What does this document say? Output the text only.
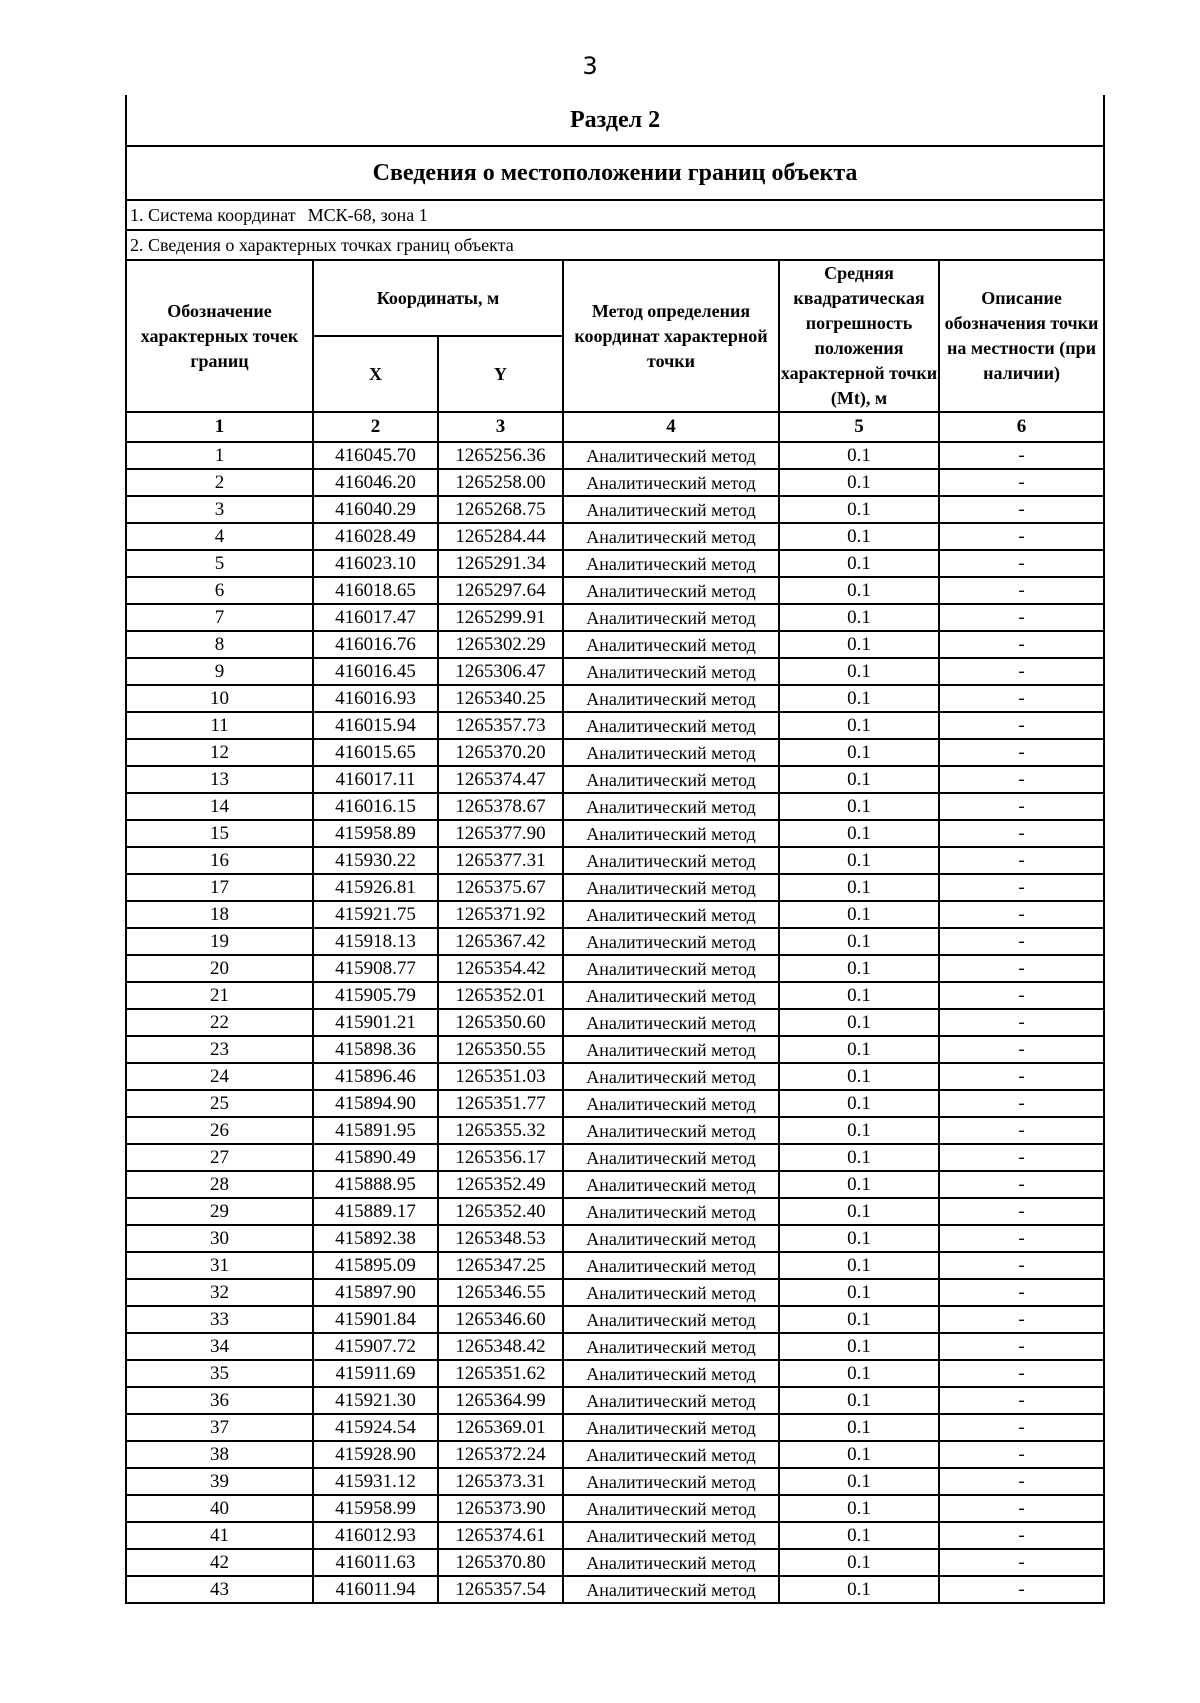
3
Раздел 2					
Сведения о местоположении границ объекта					
1. Система координат МСК-68, зона 1					
2. Сведения о характерных точках границ объекта					
Обозначение характерных точек границ	Координаты, м		Метод определения координат характерной точки	Средняя квадратическая погрешность положения характерной точки (Mt), м	Описание обозначения точки на местности (при наличии)
	X	Y			
1	2	3	4	5	6
1	416045.70	1265256.36	Аналитический метод	0.1	-
2	416046.20	1265258.00	Аналитический метод	0.1	-
3	416040.29	1265268.75	Аналитический метод	0.1	-
4	416028.49	1265284.44	Аналитический метод	0.1	-
5	416023.10	1265291.34	Аналитический метод	0.1	-
6	416018.65	1265297.64	Аналитический метод	0.1	-
7	416017.47	1265299.91	Аналитический метод	0.1	-
8	416016.76	1265302.29	Аналитический метод	0.1	-
9	416016.45	1265306.47	Аналитический метод	0.1	-
10	416016.93	1265340.25	Аналитический метод	0.1	-
11	416015.94	1265357.73	Аналитический метод	0.1	-
12	416015.65	1265370.20	Аналитический метод	0.1	-
13	416017.11	1265374.47	Аналитический метод	0.1	-
14	416016.15	1265378.67	Аналитический метод	0.1	-
15	415958.89	1265377.90	Аналитический метод	0.1	-
16	415930.22	1265377.31	Аналитический метод	0.1	-
17	415926.81	1265375.67	Аналитический метод	0.1	-
18	415921.75	1265371.92	Аналитический метод	0.1	-
19	415918.13	1265367.42	Аналитический метод	0.1	-
20	415908.77	1265354.42	Аналитический метод	0.1	-
21	415905.79	1265352.01	Аналитический метод	0.1	-
22	415901.21	1265350.60	Аналитический метод	0.1	-
23	415898.36	1265350.55	Аналитический метод	0.1	-
24	415896.46	1265351.03	Аналитический метод	0.1	-
25	415894.90	1265351.77	Аналитический метод	0.1	-
26	415891.95	1265355.32	Аналитический метод	0.1	-
27	415890.49	1265356.17	Аналитический метод	0.1	-
28	415888.95	1265352.49	Аналитический метод	0.1	-
29	415889.17	1265352.40	Аналитический метод	0.1	-
30	415892.38	1265348.53	Аналитический метод	0.1	-
31	415895.09	1265347.25	Аналитический метод	0.1	-
32	415897.90	1265346.55	Аналитический метод	0.1	-
33	415901.84	1265346.60	Аналитический метод	0.1	-
34	415907.72	1265348.42	Аналитический метод	0.1	-
35	415911.69	1265351.62	Аналитический метод	0.1	-
36	415921.30	1265364.99	Аналитический метод	0.1	-
37	415924.54	1265369.01	Аналитический метод	0.1	-
38	415928.90	1265372.24	Аналитический метод	0.1	-
39	415931.12	1265373.31	Аналитический метод	0.1	-
40	415958.99	1265373.90	Аналитический метод	0.1	-
41	416012.93	1265374.61	Аналитический метод	0.1	-
42	416011.63	1265370.80	Аналитический метод	0.1	-
43	416011.94	1265357.54	Аналитический метод	0.1	-
